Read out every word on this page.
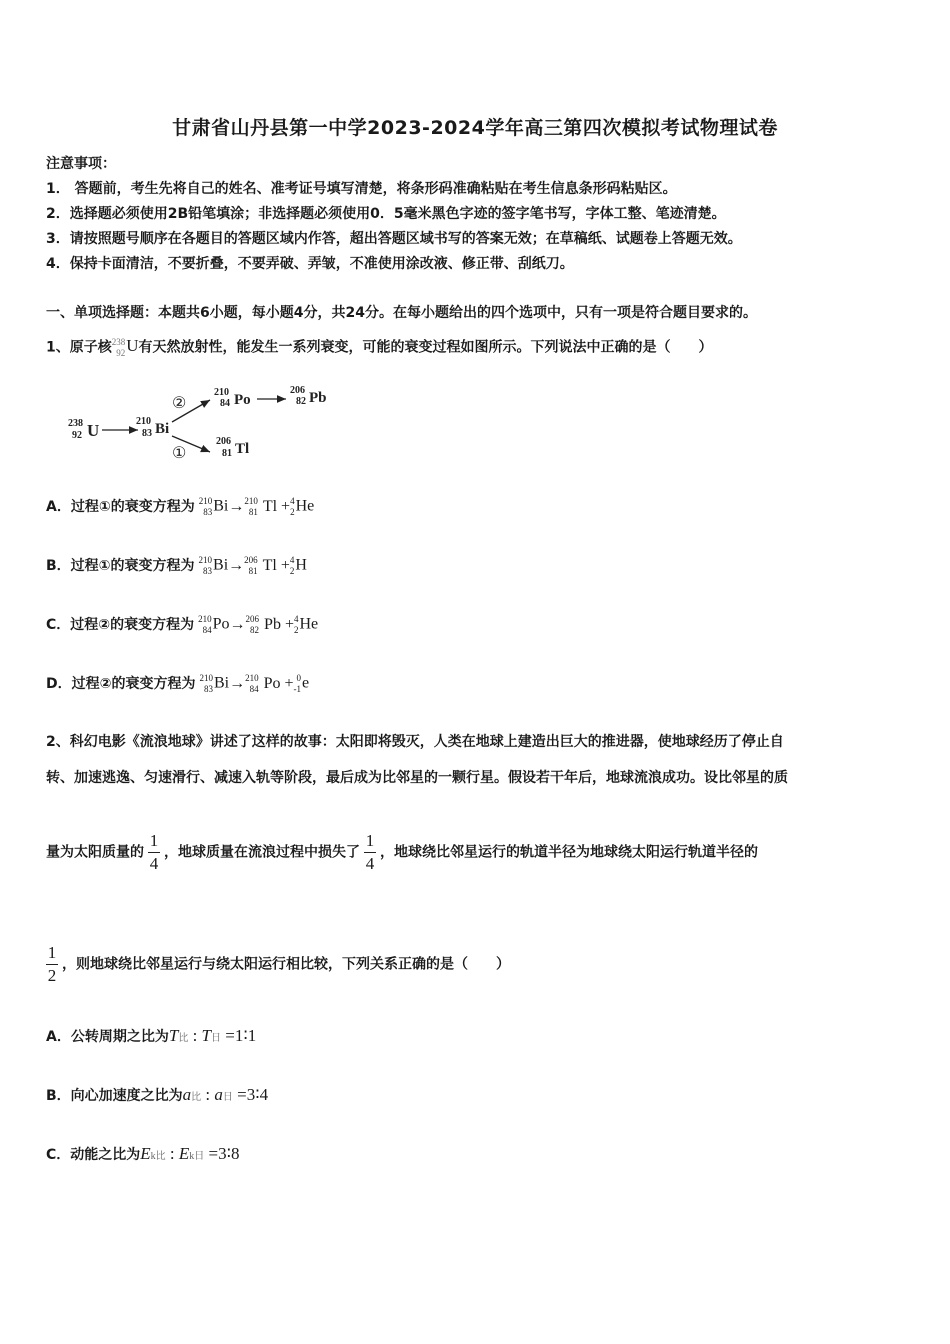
甘肃省山丹县第一中学2023-2024学年高三第四次模拟考试物理试卷
注意事项：
1． 答题前，考生先将自己的姓名、准考证号填写清楚，将条形码准确粘贴在考生信息条形码粘贴区。
2．选择题必须使用2B铅笔填涂；非选择题必须使用0．5毫米黑色字迹的签字笔书写，字体工整、笔迹清楚。
3．请按照题号顺序在各题目的答题区域内作答，超出答题区域书写的答案无效；在草稿纸、试题卷上答题无效。
4．保持卡面清洁，不要折叠，不要弄破、弄皱，不准使用涂改液、修正带、刮纸刀。
一、单项选择题：本题共6小题，每小题4分，共24分。在每小题给出的四个选项中，只有一项是符合题目要求的。
1、原子核 238
92 U有天然放射性，能发生一系列衰变，可能的衰变过程如图所示。下列说法中正确的是（　　）
238
92 U	210
83 Bi
②
①
210
84 Po
206
82 Pb
206
81 Tl
A．过程①的衰变方程为 210
83 Bi→ 210
81 Tl + 4
2 He
B．过程①的衰变方程为 210
83 Bi→ 206
81 Tl + 4
2 H
C．过程②的衰变方程为 210
84 Po→ 206
82 Pb + 4
2 He
D．过程②的衰变方程为 210
83 Bi→ 210
84 Po + 0
-1 e
2、科幻电影《流浪地球》讲述了这样的故事：太阳即将毁灭，人类在地球上建造出巨大的推进器，使地球经历了停止自
转、加速逃逸、匀速滑行、减速入轨等阶段，最后成为比邻星的一颗行星。假设若干年后，地球流浪成功。设比邻星的质
量为太阳质量的 $\frac{1}{4}$ ，地球质量在流浪过程中损失了 $\frac{1}{4}$ ，地球绕比邻星运行的轨道半径为地球绕太阳运行轨道半径的
$\frac{1}{2}$ ，则地球绕比邻星运行与绕太阳运行相比较，下列关系正确的是（　　）
A．公转周期之比为T比 : T日 =1∶1
B．向心加速度之比为a比 : a日 =3∶4
C．动能之比为Ek比 : Ek日 =3∶8
